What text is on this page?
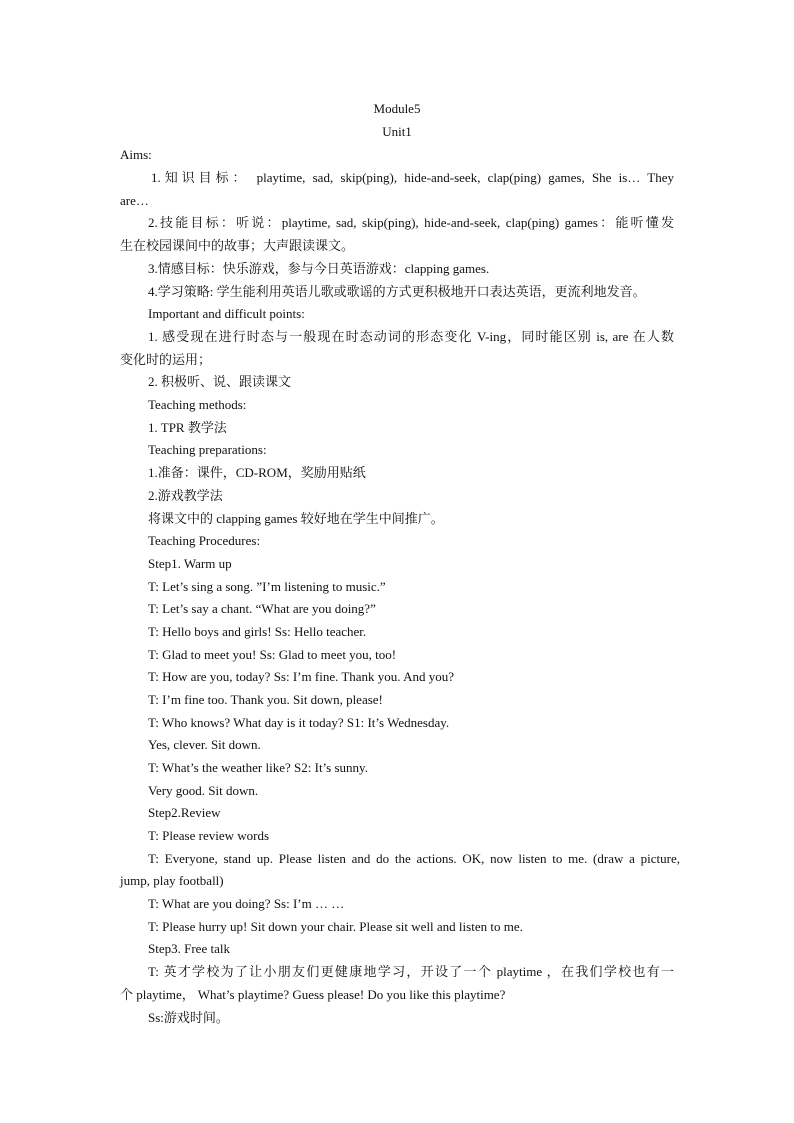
Module5
Unit1
Aims:
1.知识目标： playtime, sad, skip(ping), hide-and-seek, clap(ping) games, She is… They
are…
2.技能目标：听说：playtime, sad, skip(ping), hide-and-seek, clap(ping) games：能听懂发
生在校园课间中的故事；大声跟读课文。
3.情感目标：快乐游戏，参与今日英语游戏：clapping games.
4.学习策略: 学生能利用英语儿歌或歌谣的方式更积极地开口表达英语，更流利地发音。
Important and difficult points:
1. 感受现在进行时态与一般现在时态动词的形态变化 V-ing，同时能区别 is, are 在人数
变化时的运用；
2. 积极听、说、跟读课文
Teaching methods:
1. TPR 教学法
Teaching preparations:
1.准备：课件，CD-ROM，奖励用贴纸
2.游戏教学法
将课文中的 clapping games 较好地在学生中间推广。
Teaching Procedures:
Step1. Warm up
T: Let’s sing a song. ”I’m listening to music.”
T: Let’s say a chant. “What are you doing?”
T: Hello boys and girls! Ss: Hello teacher.
T: Glad to meet you! Ss: Glad to meet you, too!
T: How are you, today? Ss: I’m fine. Thank you. And you?
T: I’m fine too. Thank you. Sit down, please!
T: Who knows? What day is it today? S1: It’s Wednesday.
Yes, clever. Sit down.
T: What’s the weather like? S2: It’s sunny.
Very good. Sit down.
Step2.Review
T: Please review words
T: Everyone, stand up. Please listen and do the actions. OK, now listen to me. (draw a picture,
jump, play football)
T: What are you doing? Ss: I’m … …
T: Please hurry up! Sit down your chair. Please sit well and listen to me.
Step3. Free talk
T: 英才学校为了让小朋友们更健康地学习，开设了一个 playtime ，在我们学校也有一
个 playtime， What’s playtime? Guess please! Do you like this playtime?
Ss:游戏时间。
